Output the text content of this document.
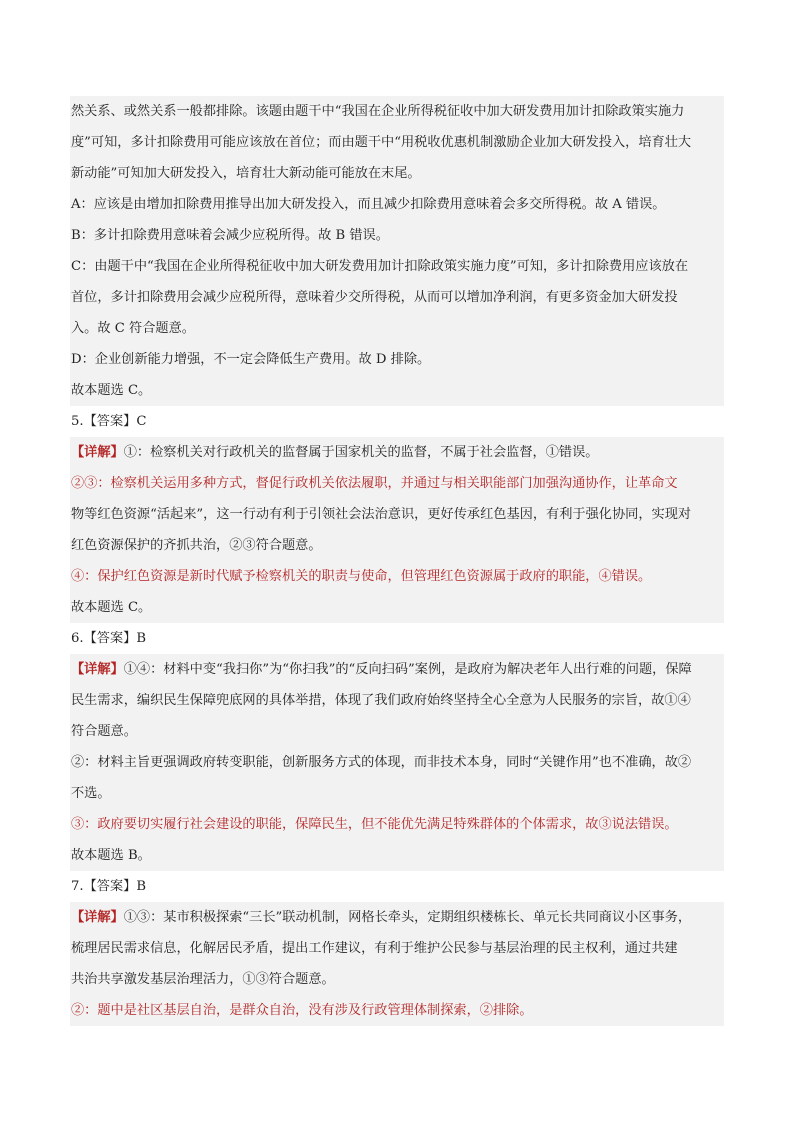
然关系、或然关系一般都排除。该题由题干中“我国在企业所得税征收中加大研发费用加计扣除政策实施力
度”可知，多计扣除费用可能应该放在首位；而由题干中“用税收优惠机制激励企业加大研发投入，培育壮大
新动能”可知加大研发投入，培育壮大新动能可能放在末尾。
A：应该是由增加扣除费用推导出加大研发投入，而且减少扣除费用意味着会多交所得税。故 A 错误。
B：多计扣除费用意味着会减少应税所得。故 B 错误。
C：由题干中“我国在企业所得税征收中加大研发费用加计扣除政策实施力度”可知，多计扣除费用应该放在
首位，多计扣除费用会减少应税所得，意味着少交所得税，从而可以增加净利润，有更多资金加大研发投
入。故 C 符合题意。
D：企业创新能力增强，不一定会降低生产费用。故 D 排除。
故本题选 C。
5.【答案】C
【详解】①：检察机关对行政机关的监督属于国家机关的监督，不属于社会监督，①错误。
②③：检察机关运用多种方式，督促行政机关依法履职，并通过与相关职能部门加强沟通协作，让革命文
物等红色资源“活起来”，这一行动有利于引领社会法治意识，更好传承红色基因，有利于强化协同，实现对
红色资源保护的齐抓共治，②③符合题意。
④：保护红色资源是新时代赋予检察机关的职责与使命，但管理红色资源属于政府的职能，④错误。
故本题选 C。
6.【答案】B
【详解】①④：材料中变“我扫你”为“你扫我”的“反向扫码”案例，是政府为解决老年人出行难的问题，保障
民生需求，编织民生保障兜底网的具体举措，体现了我们政府始终坚持全心全意为人民服务的宗旨，故①④
符合题意。
②：材料主旨更强调政府转变职能，创新服务方式的体现，而非技术本身，同时“关键作用”也不准确，故②
不选。
③：政府要切实履行社会建设的职能，保障民生，但不能优先满足特殊群体的个体需求，故③说法错误。
故本题选 B。
7.【答案】B
【详解】①③：某市积极探索“三长”联动机制，网格长牵头，定期组织楼栋长、单元长共同商议小区事务，
梳理居民需求信息，化解居民矛盾，提出工作建议，有利于维护公民参与基层治理的民主权利，通过共建
共治共享激发基层治理活力，①③符合题意。
②：题中是社区基层自治，是群众自治，没有涉及行政管理体制探索，②排除。
